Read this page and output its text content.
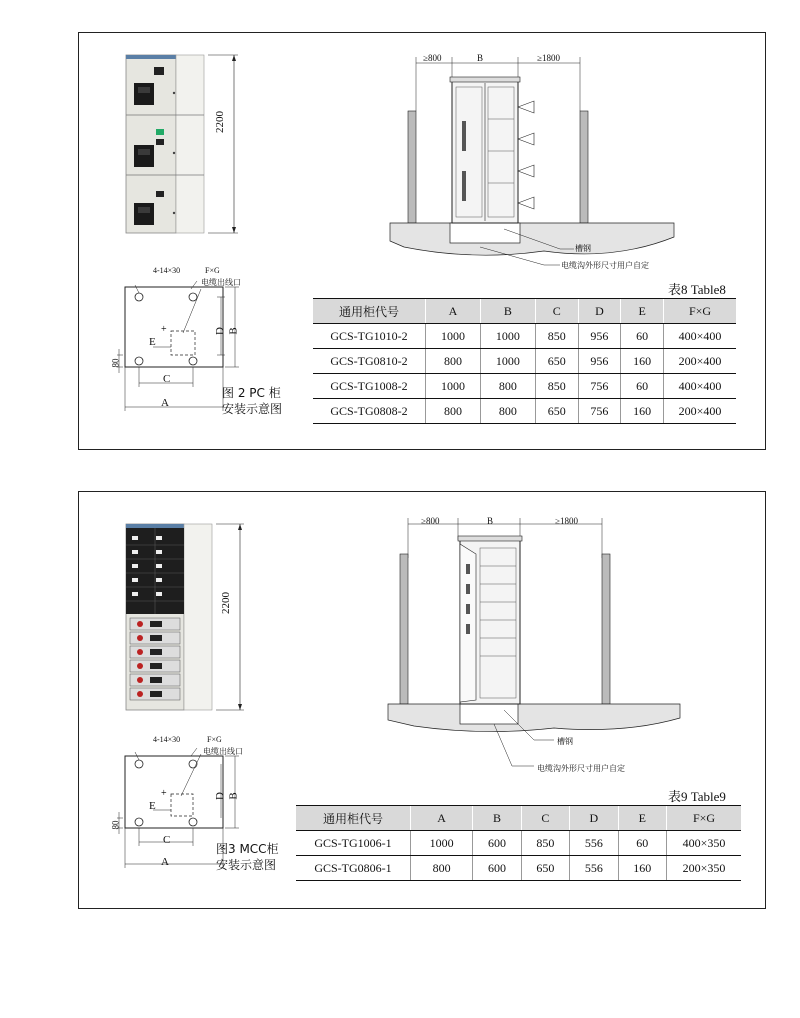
2200
+
4-14×30	F×G
电缆出线口
D B
E
80
C
A
图 2 PC 柜
安装示意图
≥800	B	≥1800
槽钢
电缆沟外形尺寸用户自定
表8 Table8
通用柜代号	A	B	C	D	E	F×G
GCS-TG1010-2	1000	1000	850	956	60	400×400
GCS-TG0810-2	800	1000	650	956	160	200×400
GCS-TG1008-2	1000	800	850	756	60	400×400
GCS-TG0808-2	800	800	650	756	160	200×400
2200
+
4-14×30	F×G
电缆出线口
D B
E
80
C
A
图3 MCC柜
安装示意图
≥800	B	≥1800
槽钢
电缆沟外形尺寸用户自定
表9 Table9
通用柜代号	A	B	C	D	E	F×G
GCS-TG1006-1	1000	600	850	556	60	400×350
GCS-TG0806-1	800	600	650	556	160	200×350
